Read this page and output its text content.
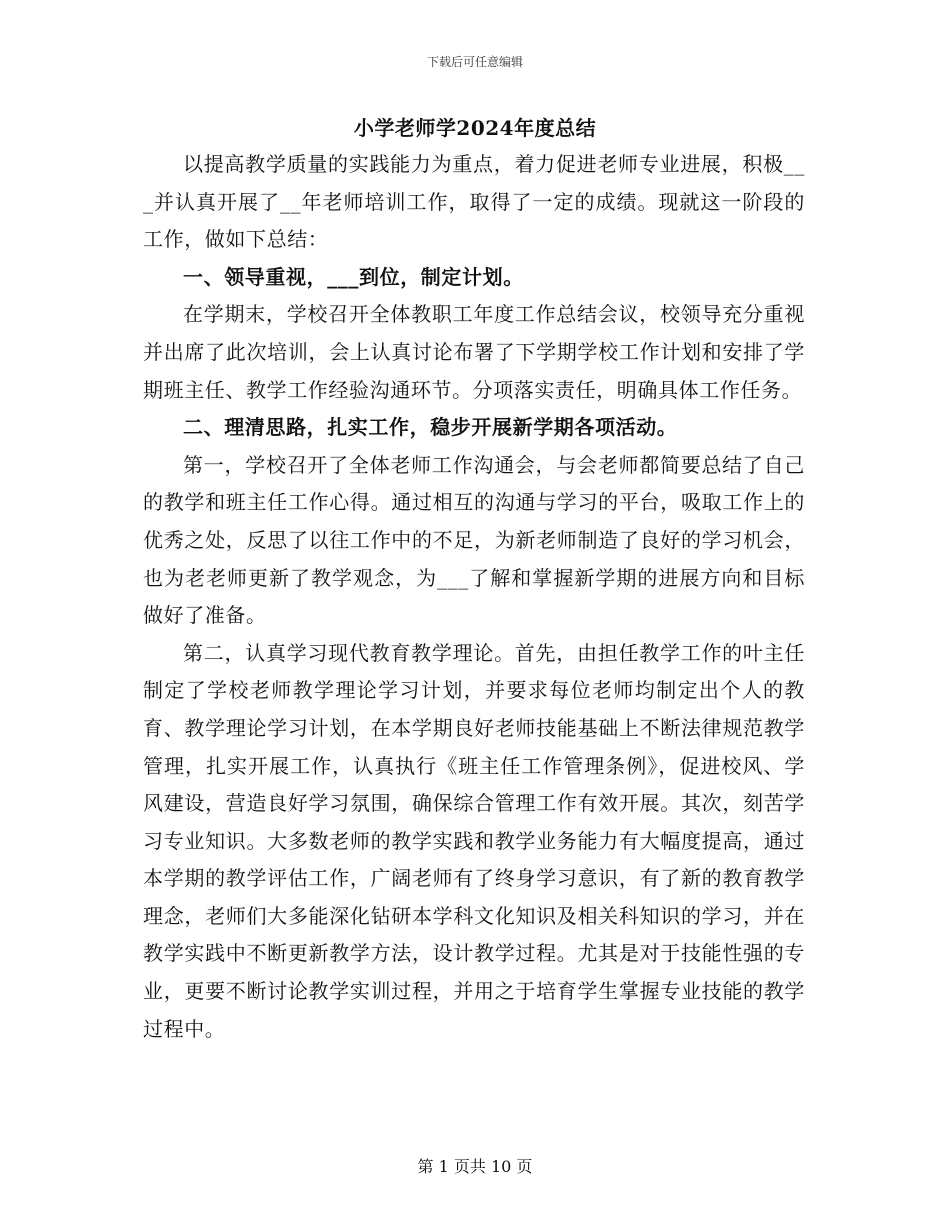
下载后可任意编辑
小学老师学2024年度总结

以提高教学质量的实践能力为重点，着力促进老师专业进展，积极___并认真开展了__年老师培训工作，取得了一定的成绩。现就这一阶段的工作，做如下总结：

一、领导重视，___到位，制定计划。

在学期末，学校召开全体教职工年度工作总结会议，校领导充分重视并出席了此次培训，会上认真讨论布署了下学期学校工作计划和安排了学期班主任、教学工作经验沟通环节。分项落实责任，明确具体工作任务。

二、理清思路，扎实工作，稳步开展新学期各项活动。

第一，学校召开了全体老师工作沟通会，与会老师都简要总结了自己的教学和班主任工作心得。通过相互的沟通与学习的平台，吸取工作上的优秀之处，反思了以往工作中的不足，为新老师制造了良好的学习机会，也为老老师更新了教学观念，为___了解和掌握新学期的进展方向和目标做好了准备。

第二，认真学习现代教育教学理论。首先，由担任教学工作的叶主任制定了学校老师教学理论学习计划，并要求每位老师均制定出个人的教育、教学理论学习计划，在本学期良好老师技能基础上不断法律规范教学管理，扎实开展工作，认真执行《班主任工作管理条例》，促进校风、学风建设，营造良好学习氛围，确保综合管理工作有效开展。其次，刻苦学习专业知识。大多数老师的教学实践和教学业务能力有大幅度提高，通过本学期的教学评估工作，广阔老师有了终身学习意识，有了新的教育教学理念，老师们大多能深化钻研本学科文化知识及相关科知识的学习，并在教学实践中不断更新教学方法，设计教学过程。尤其是对于技能性强的专业，更要不断讨论教学实训过程，并用之于培育学生掌握专业技能的教学过程中。

第 1 页共 10 页
